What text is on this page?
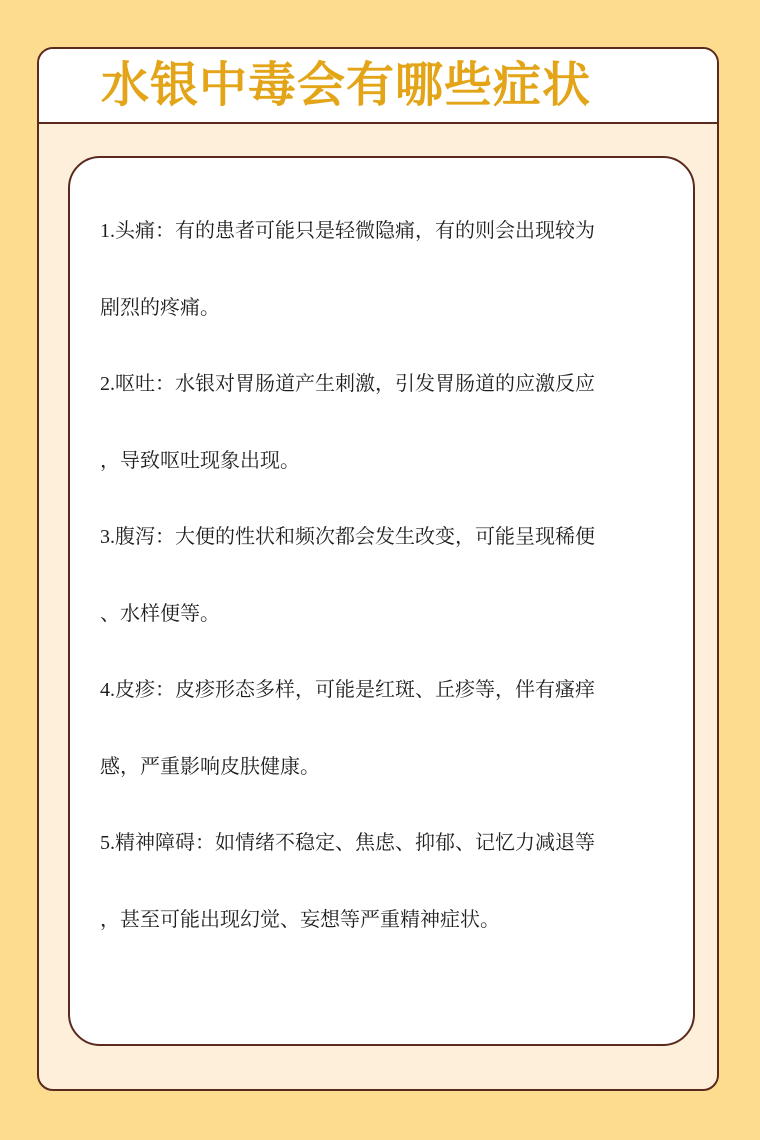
水银中毒会有哪些症状
1.头痛：有的患者可能只是轻微隐痛，有的则会出现较为
剧烈的疼痛。
2.呕吐：水银对胃肠道产生刺激，引发胃肠道的应激反应
，导致呕吐现象出现。
3.腹泻：大便的性状和频次都会发生改变，可能呈现稀便
、水样便等。
4.皮疹：皮疹形态多样，可能是红斑、丘疹等，伴有瘙痒
感，严重影响皮肤健康。
5.精神障碍：如情绪不稳定、焦虑、抑郁、记忆力减退等
，甚至可能出现幻觉、妄想等严重精神症状。
